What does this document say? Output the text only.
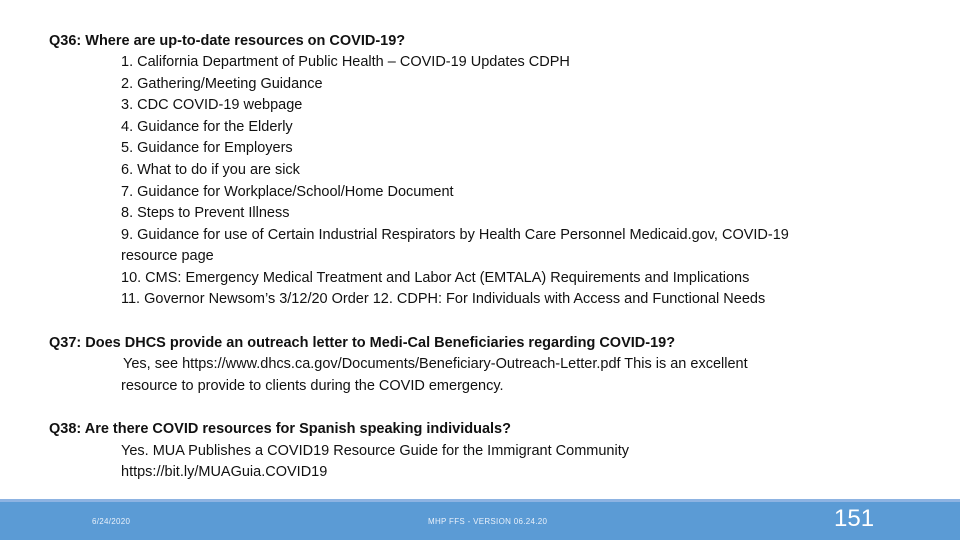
Q36: Where are up-to-date resources on COVID-19?
1. California Department of Public Health – COVID-19 Updates CDPH
2. Gathering/Meeting Guidance
3. CDC COVID-19 webpage
4. Guidance for the Elderly
5. Guidance for Employers
6. What to do if you are sick
7. Guidance for Workplace/School/Home Document
8. Steps to Prevent Illness
9. Guidance for use of Certain Industrial Respirators by Health Care Personnel Medicaid.gov, COVID-19
resource page
10. CMS: Emergency Medical Treatment and Labor Act (EMTALA) Requirements and Implications
11. Governor Newsom’s 3/12/20 Order 12. CDPH: For Individuals with Access and Functional Needs
Q37: Does DHCS provide an outreach letter to Medi-Cal Beneficiaries regarding COVID-19?
Yes, see https://www.dhcs.ca.gov/Documents/Beneficiary-Outreach-Letter.pdf This is an excellent
resource to provide to clients during the COVID emergency.
Q38: Are there COVID resources for Spanish speaking individuals?
Yes. MUA Publishes a COVID19 Resource Guide for the Immigrant Community
https://bit.ly/MUAGuia.COVID19
6/24/2020	MHP FFS - VERSION 06.24.20	151
